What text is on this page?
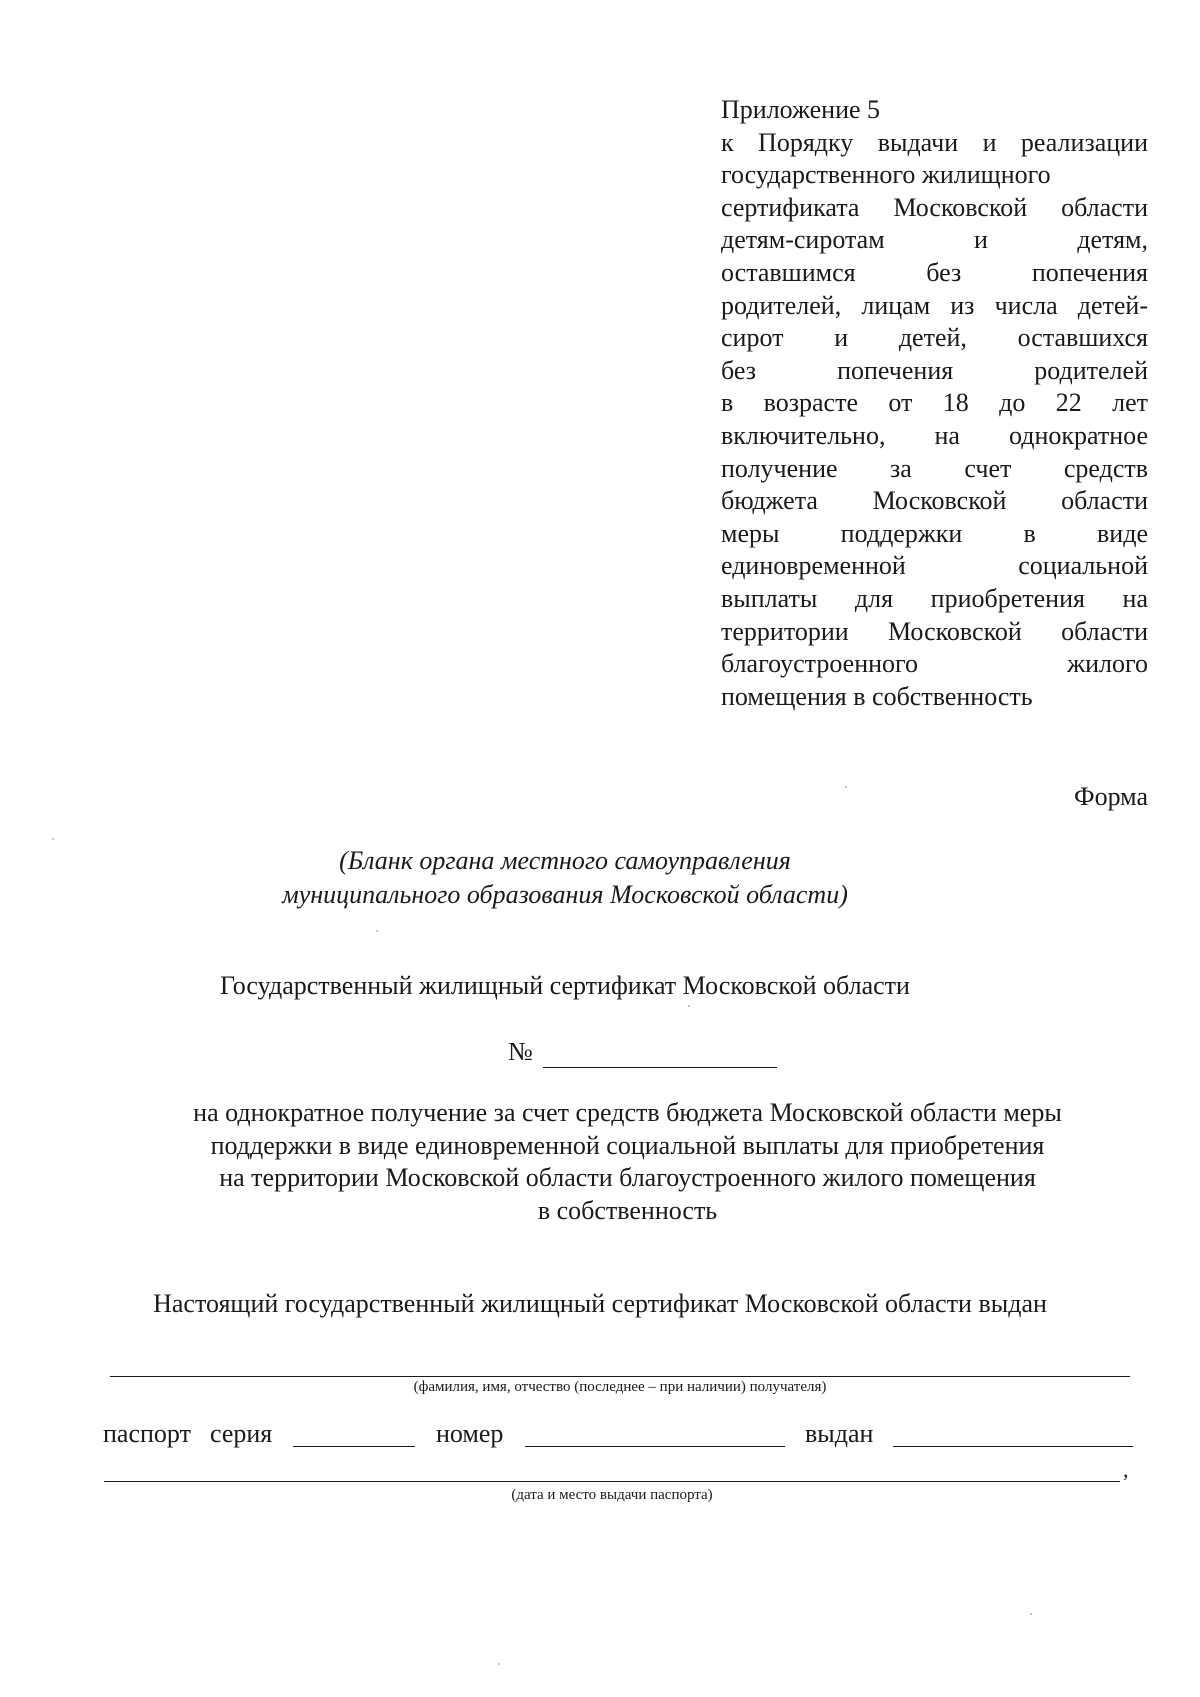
Приложение 5
к Порядку выдачи и реализации
государственного жилищного
сертификата Московской области
детям-сиротам и детям,
оставшимся без попечения
родителей, лицам из числа детей-
сирот и детей, оставшихся
без попечения родителей
в возрасте от 18 до 22 лет
включительно, на однократное
получение за счет средств
бюджета Московской области
меры поддержки в виде
единовременной социальной
выплаты для приобретения на
территории Московской области
благоустроенного жилого
помещения в собственность
Форма
(Бланк органа местного самоуправления
муниципального образования Московской области)
Государственный жилищный сертификат Московской области
№
на однократное получение за счет средств бюджета Московской области меры
поддержки в виде единовременной социальной выплаты для приобретения
на территории Московской области благоустроенного жилого помещения
в собственность
Настоящий государственный жилищный сертификат Московской области выдан
(фамилия, имя, отчество (последнее – при наличии) получателя)
паспорт серия	номер	выдан
,
(дата и место выдачи паспорта)
